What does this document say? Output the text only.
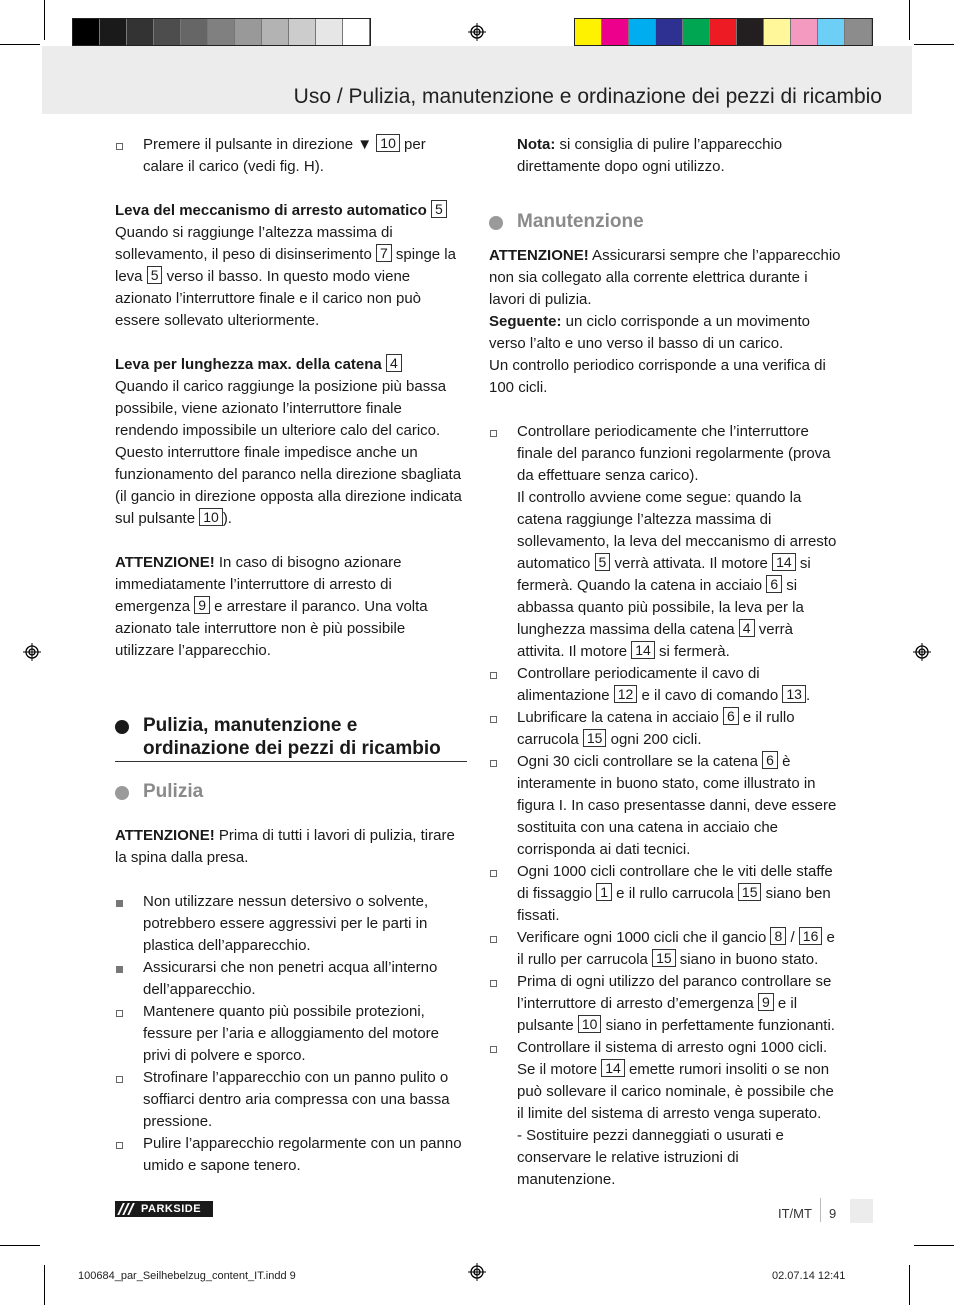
Uso / Pulizia, manutenzione e ordinazione dei pezzi di ricambio
Premere il pulsante in direzione ▼ 10 per calare il carico (vedi fig. H).

Leva del meccanismo di arresto automatico 5

Quando si raggiunge l’altezza massima di sollevamento, il peso di disinserimento 7 spinge la leva 5 verso il basso. In questo modo viene azionato l’interruttore finale e il carico non può essere sollevato ulteriormente.

Leva per lunghezza max. della catena 4

Quando il carico raggiunge la posizione più bassa possibile, viene azionato l’interruttore finale rendendo impossibile un ulteriore calo del carico. Questo interruttore finale impedisce anche un funzionamento del paranco nella direzione sbagliata (il gancio in direzione opposta alla direzione indicata sul pulsante 10 ).

ATTENZIONE! In caso di bisogno azionare immediatamente l’interruttore di arresto di emergenza 9 e arrestare il paranco. Una volta azionato tale interruttore non è più possibile utilizzare l’apparecchio.

Pulizia, manutenzione e ordinazione dei pezzi di ricambio
Pulizia

ATTENZIONE! Prima di tutti i lavori di pulizia, tirare la spina dalla presa.

Non utilizzare nessun detersivo o solvente, potrebbero essere aggressivi per le parti in plastica dell’apparecchio.
Assicurarsi che non penetri acqua all’interno dell’apparecchio.
Mantenere quanto più possibile protezioni, fessure per l’aria e alloggiamento del motore privi di polvere e sporco.
Strofinare l’apparecchio con un panno pulito o soffiarci dentro aria compressa con una bassa pressione.
Pulire l’apparecchio regolarmente con un panno umido e sapone tenero.

Nota: si consiglia di pulire l’apparecchio direttamente dopo ogni utilizzo.

Manutenzione

ATTENZIONE! Assicurarsi sempre che l’apparecchio non sia collegato alla corrente elettrica durante i lavori di pulizia.

Seguente: un ciclo corrisponde a un movimento verso l’alto e uno verso il basso di un carico.

Un controllo periodico corrisponde a una verifica di 100 cicli.

Controllare periodicamente che l’interruttore finale del paranco funzioni regolarmente (prova da effettuare senza carico).
Il controllo avviene come segue: quando la catena raggiunge l’altezza massima di sollevamento, la leva del meccanismo di arresto automatico 5 verrà attivata. Il motore 14 si fermerà. Quando la catena in acciaio 6 si abbassa quanto più possibile, la leva per la lunghezza massima della catena 4 verrà attivita. Il motore 14 si fermerà.
Controllare periodicamente il cavo di alimentazione 12 e il cavo di comando 13 .
Lubrificare la catena in acciaio 6 e il rullo carrucola 15 ogni 200 cicli.
Ogni 30 cicli controllare se la catena 6 è interamente in buono stato, come illustrato in figura I. In caso presentasse danni, deve essere sostituita con una catena in acciaio che corrisponda ai dati tecnici.
Ogni 1000 cicli controllare che le viti delle staffe di fissaggio 1 e il rullo carrucola 15 siano ben fissati.
Verificare ogni 1000 cicli che il gancio 8 / 16 e il rullo per carrucola 15 siano in buono stato.
Prima di ogni utilizzo del paranco controllare se l’interruttore di arresto d’emergenza 9 e il pulsante 10 siano in perfettamente funzionanti.
Controllare il sistema di arresto ogni 1000 cicli. Se il motore 14 emette rumori insoliti o se non può sollevare il carico nominale, è possibile che il limite del sistema di arresto venga superato.
- Sostituire pezzi danneggiati o usurati e conservare le relative istruzioni di manutenzione.
PARKSIDE	IT/MT 9
100684_par_Seilhebelzug_content_IT.indd 9	02.07.14 12:41
